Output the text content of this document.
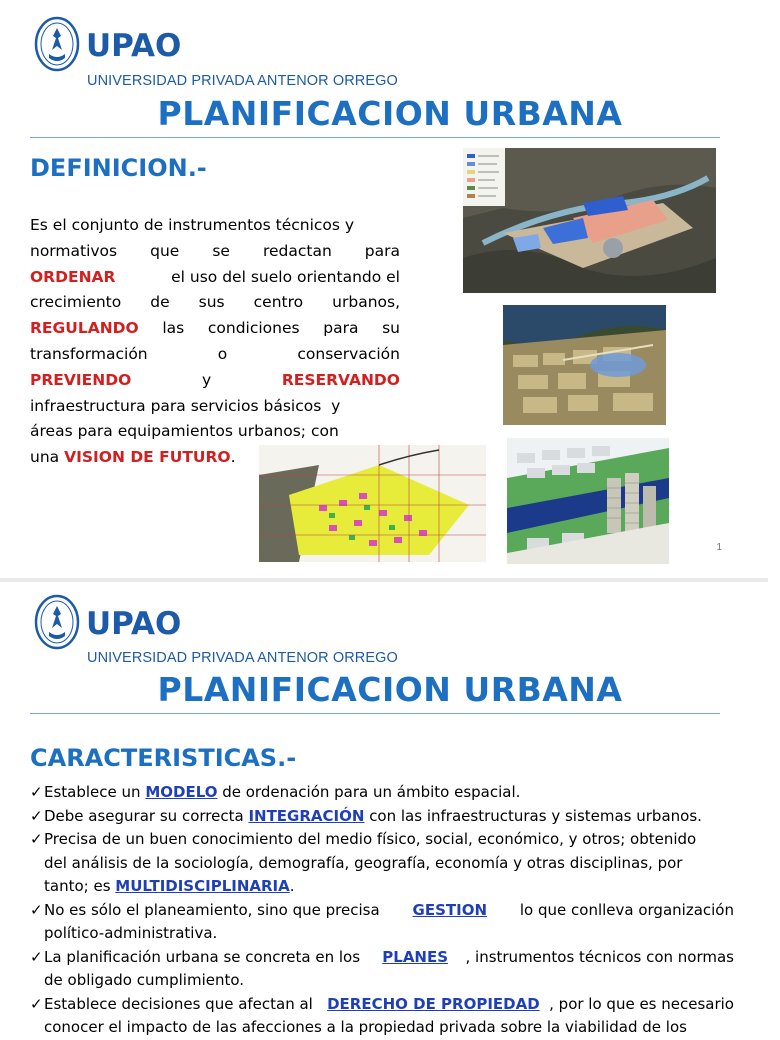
UPAO
UNIVERSIDAD PRIVADA ANTENOR ORREGO
PLANIFICACION URBANA
DEFINICION.-
Es el conjunto de instrumentos técnicos y
normativos que se redactan para
ORDENAR	el uso del suelo orientando el
crecimiento de sus centro urbanos,
REGULANDO las condiciones para su
transformación	o	conservación
PREVIENDO	y	RESERVANDO
infraestructura para servicios básicos  y
áreas para equipamientos urbanos; con
una VISION DE FUTURO .
1
UPAO
UNIVERSIDAD PRIVADA ANTENOR ORREGO
PLANIFICACION URBANA
CARACTERISTICAS.-
✓ Establece un MODELO de ordenación para un ámbito espacial.
✓ Debe asegurar su correcta INTEGRACIÓN con las infraestructuras y sistemas urbanos.
✓ Precisa de un buen conocimiento del medio físico, social, económico, y otros; obtenido
del análisis de la sociología, demografía, geografía, economía y otras disciplinas, por
tanto; es MULTIDISCIPLINARIA.
✓ No es sólo el planeamiento, sino que precisa GESTION lo que conlleva organización
político-administrativa.
✓ La planificación urbana se concreta en los PLANES , instrumentos técnicos con normas
de obligado cumplimiento.
✓ Establece decisiones que afectan al DERECHO DE PROPIEDAD , por lo que es necesario
conocer el impacto de las afecciones a la propiedad privada sobre la viabilidad de los
